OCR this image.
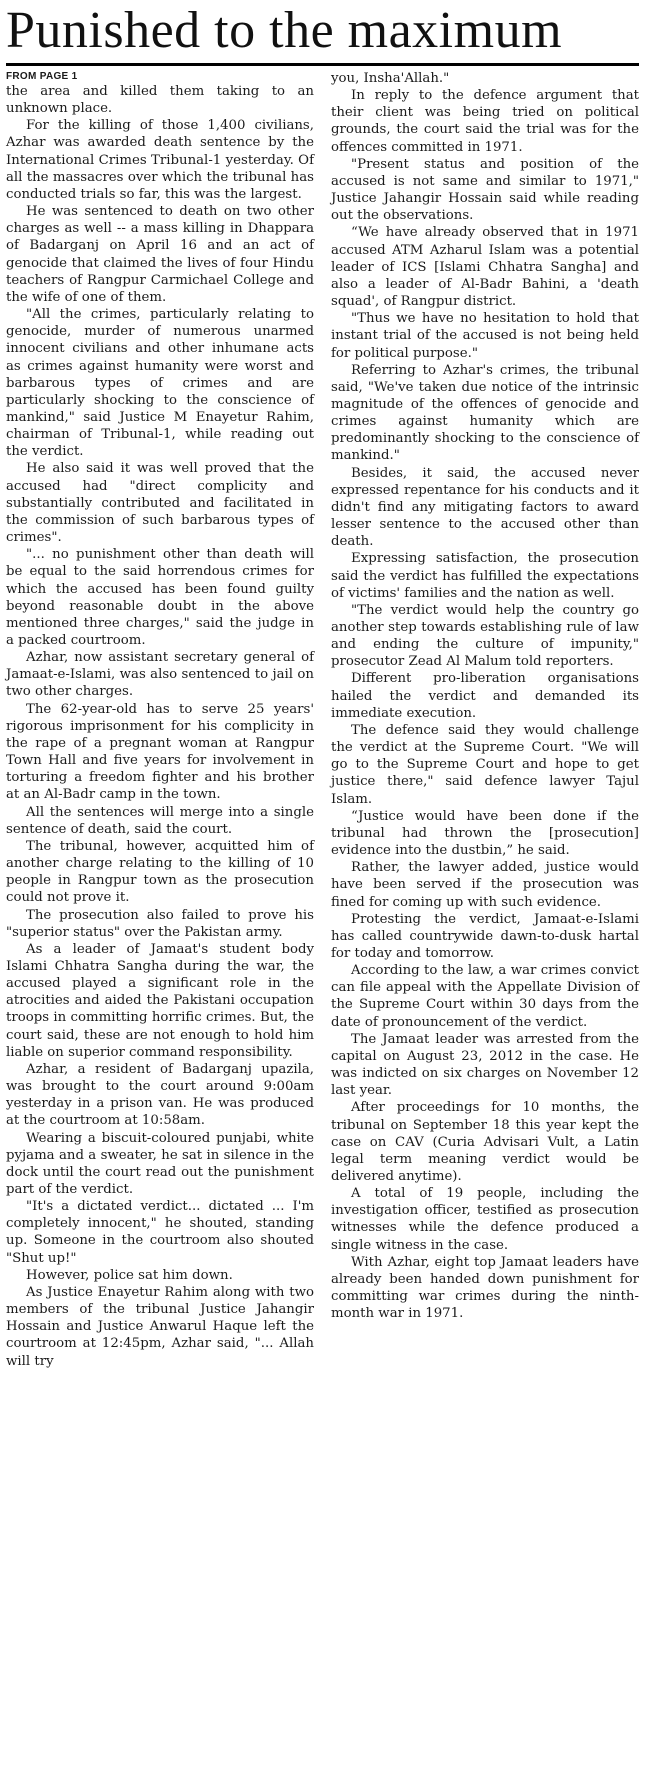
Punished to the maximum
FROM PAGE 1

the area and killed them taking to an unknown place.

For the killing of those 1,400 civilians, Azhar was awarded death sentence by the International Crimes Tribunal-1 yesterday. Of all the massacres over which the tribunal has conducted trials so far, this was the largest.

He was sentenced to death on two other charges as well -- a mass killing in Dhappara of Badarganj on April 16 and an act of genocide that claimed the lives of four Hindu teachers of Rangpur Carmichael College and the wife of one of them.

"All the crimes, particularly relating to genocide, murder of numerous unarmed innocent civilians and other inhumane acts as crimes against humanity were worst and barbarous types of crimes and are particularly shocking to the conscience of mankind," said Justice M Enayetur Rahim, chairman of Tribunal-1, while reading out the verdict.

He also said it was well proved that the accused had "direct complicity and substantially contributed and facilitated in the commission of such barbarous types of crimes".

"... no punishment other than death will be equal to the said horrendous crimes for which the accused has been found guilty beyond reasonable doubt in the above mentioned three charges," said the judge in a packed courtroom.

Azhar, now assistant secretary general of Jamaat-e-Islami, was also sentenced to jail on two other charges.

The 62-year-old has to serve 25 years' rigorous imprisonment for his complicity in the rape of a pregnant woman at Rangpur Town Hall and five years for involvement in torturing a freedom fighter and his brother at an Al-Badr camp in the town.

All the sentences will merge into a single sentence of death, said the court.

The tribunal, however, acquitted him of another charge relating to the killing of 10 people in Rangpur town as the prosecution could not prove it.

The prosecution also failed to prove his "superior status" over the Pakistan army.

As a leader of Jamaat's student body Islami Chhatra Sangha during the war, the accused played a significant role in the atrocities and aided the Pakistani occupation troops in committing horrific crimes. But, the court said, these are not enough to hold him liable on superior command responsibility.

Azhar, a resident of Badarganj upazila, was brought to the court around 9:00am yesterday in a prison van. He was produced at the courtroom at 10:58am.

Wearing a biscuit-coloured punjabi, white pyjama and a sweater, he sat in silence in the dock until the court read out the punishment part of the verdict.

"It's a dictated verdict... dictated ... I'm completely innocent," he shouted, standing up. Someone in the courtroom also shouted "Shut up!"

However, police sat him down.

As Justice Enayetur Rahim along with two members of the tribunal Justice Jahangir Hossain and Justice Anwarul Haque left the courtroom at 12:45pm, Azhar said, "... Allah will try

you, Insha'Allah."

In reply to the defence argument that their client was being tried on political grounds, the court said the trial was for the offences committed in 1971.

"Present status and position of the accused is not same and similar to 1971," Justice Jahangir Hossain said while reading out the observations.

“We have already observed that in 1971 accused ATM Azharul Islam was a potential leader of ICS [Islami Chhatra Sangha] and also a leader of Al-Badr Bahini, a 'death squad', of Rangpur district.

"Thus we have no hesitation to hold that instant trial of the accused is not being held for political purpose."

Referring to Azhar's crimes, the tribunal said, "We've taken due notice of the intrinsic magnitude of the offences of genocide and crimes against humanity which are predominantly shocking to the conscience of mankind."

Besides, it said, the accused never expressed repentance for his conducts and it didn't find any mitigating factors to award lesser sentence to the accused other than death.

Expressing satisfaction, the prosecution said the verdict has fulfilled the expectations of victims' families and the nation as well.

"The verdict would help the country go another step towards establishing rule of law and ending the culture of impunity," prosecutor Zead Al Malum told reporters.

Different pro-liberation organisations hailed the verdict and demanded its immediate execution.

The defence said they would challenge the verdict at the Supreme Court. "We will go to the Supreme Court and hope to get justice there," said defence lawyer Tajul Islam.

“Justice would have been done if the tribunal had thrown the [prosecution] evidence into the dustbin,” he said.

Rather, the lawyer added, justice would have been served if the prosecution was fined for coming up with such evidence.

Protesting the verdict, Jamaat-e-Islami has called countrywide dawn-to-dusk hartal for today and tomorrow.

According to the law, a war crimes convict can file appeal with the Appellate Division of the Supreme Court within 30 days from the date of pronouncement of the verdict.

The Jamaat leader was arrested from the capital on August 23, 2012 in the case. He was indicted on six charges on November 12 last year.

After proceedings for 10 months, the tribunal on September 18 this year kept the case on CAV (Curia Advisari Vult, a Latin legal term meaning verdict would be delivered anytime).

A total of 19 people, including the investigation officer, testified as prosecution witnesses while the defence produced a single witness in the case.

With Azhar, eight top Jamaat leaders have already been handed down punishment for committing war crimes during the ninth-month war in 1971.
